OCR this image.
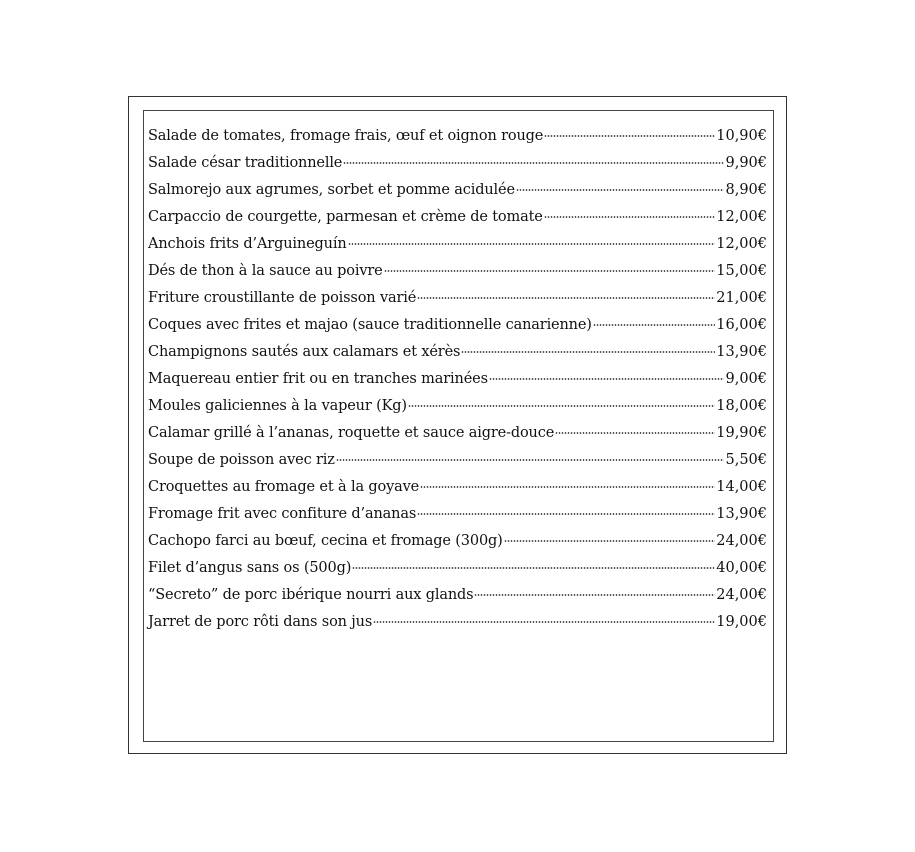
Salade de tomates, fromage frais, œuf et oignon rouge	10,90€
Salade césar traditionnelle	9,90€
Salmorejo aux agrumes, sorbet et pomme acidulée	8,90€
Carpaccio de courgette, parmesan et crème de tomate	12,00€
Anchois frits d’Arguineguín	12,00€
Dés de thon à la sauce au poivre	15,00€
Friture croustillante de poisson varié	21,00€
Coques avec frites et majao (sauce traditionnelle canarienne)	16,00€
Champignons sautés aux calamars et xérès	13,90€
Maquereau entier frit ou en tranches marinées	9,00€
Moules galiciennes à la vapeur (Kg)	18,00€
Calamar grillé à l’ananas, roquette et sauce aigre-douce	19,90€
Soupe de poisson avec riz	5,50€
Croquettes au fromage et à la goyave	14,00€
Fromage frit avec confiture d’ananas	13,90€
Cachopo farci au bœuf, cecina et fromage (300g)	24,00€
Filet d’angus sans os (500g)	40,00€
“Secreto” de porc ibérique nourri aux glands	24,00€
Jarret de porc rôti dans son jus	19,00€
